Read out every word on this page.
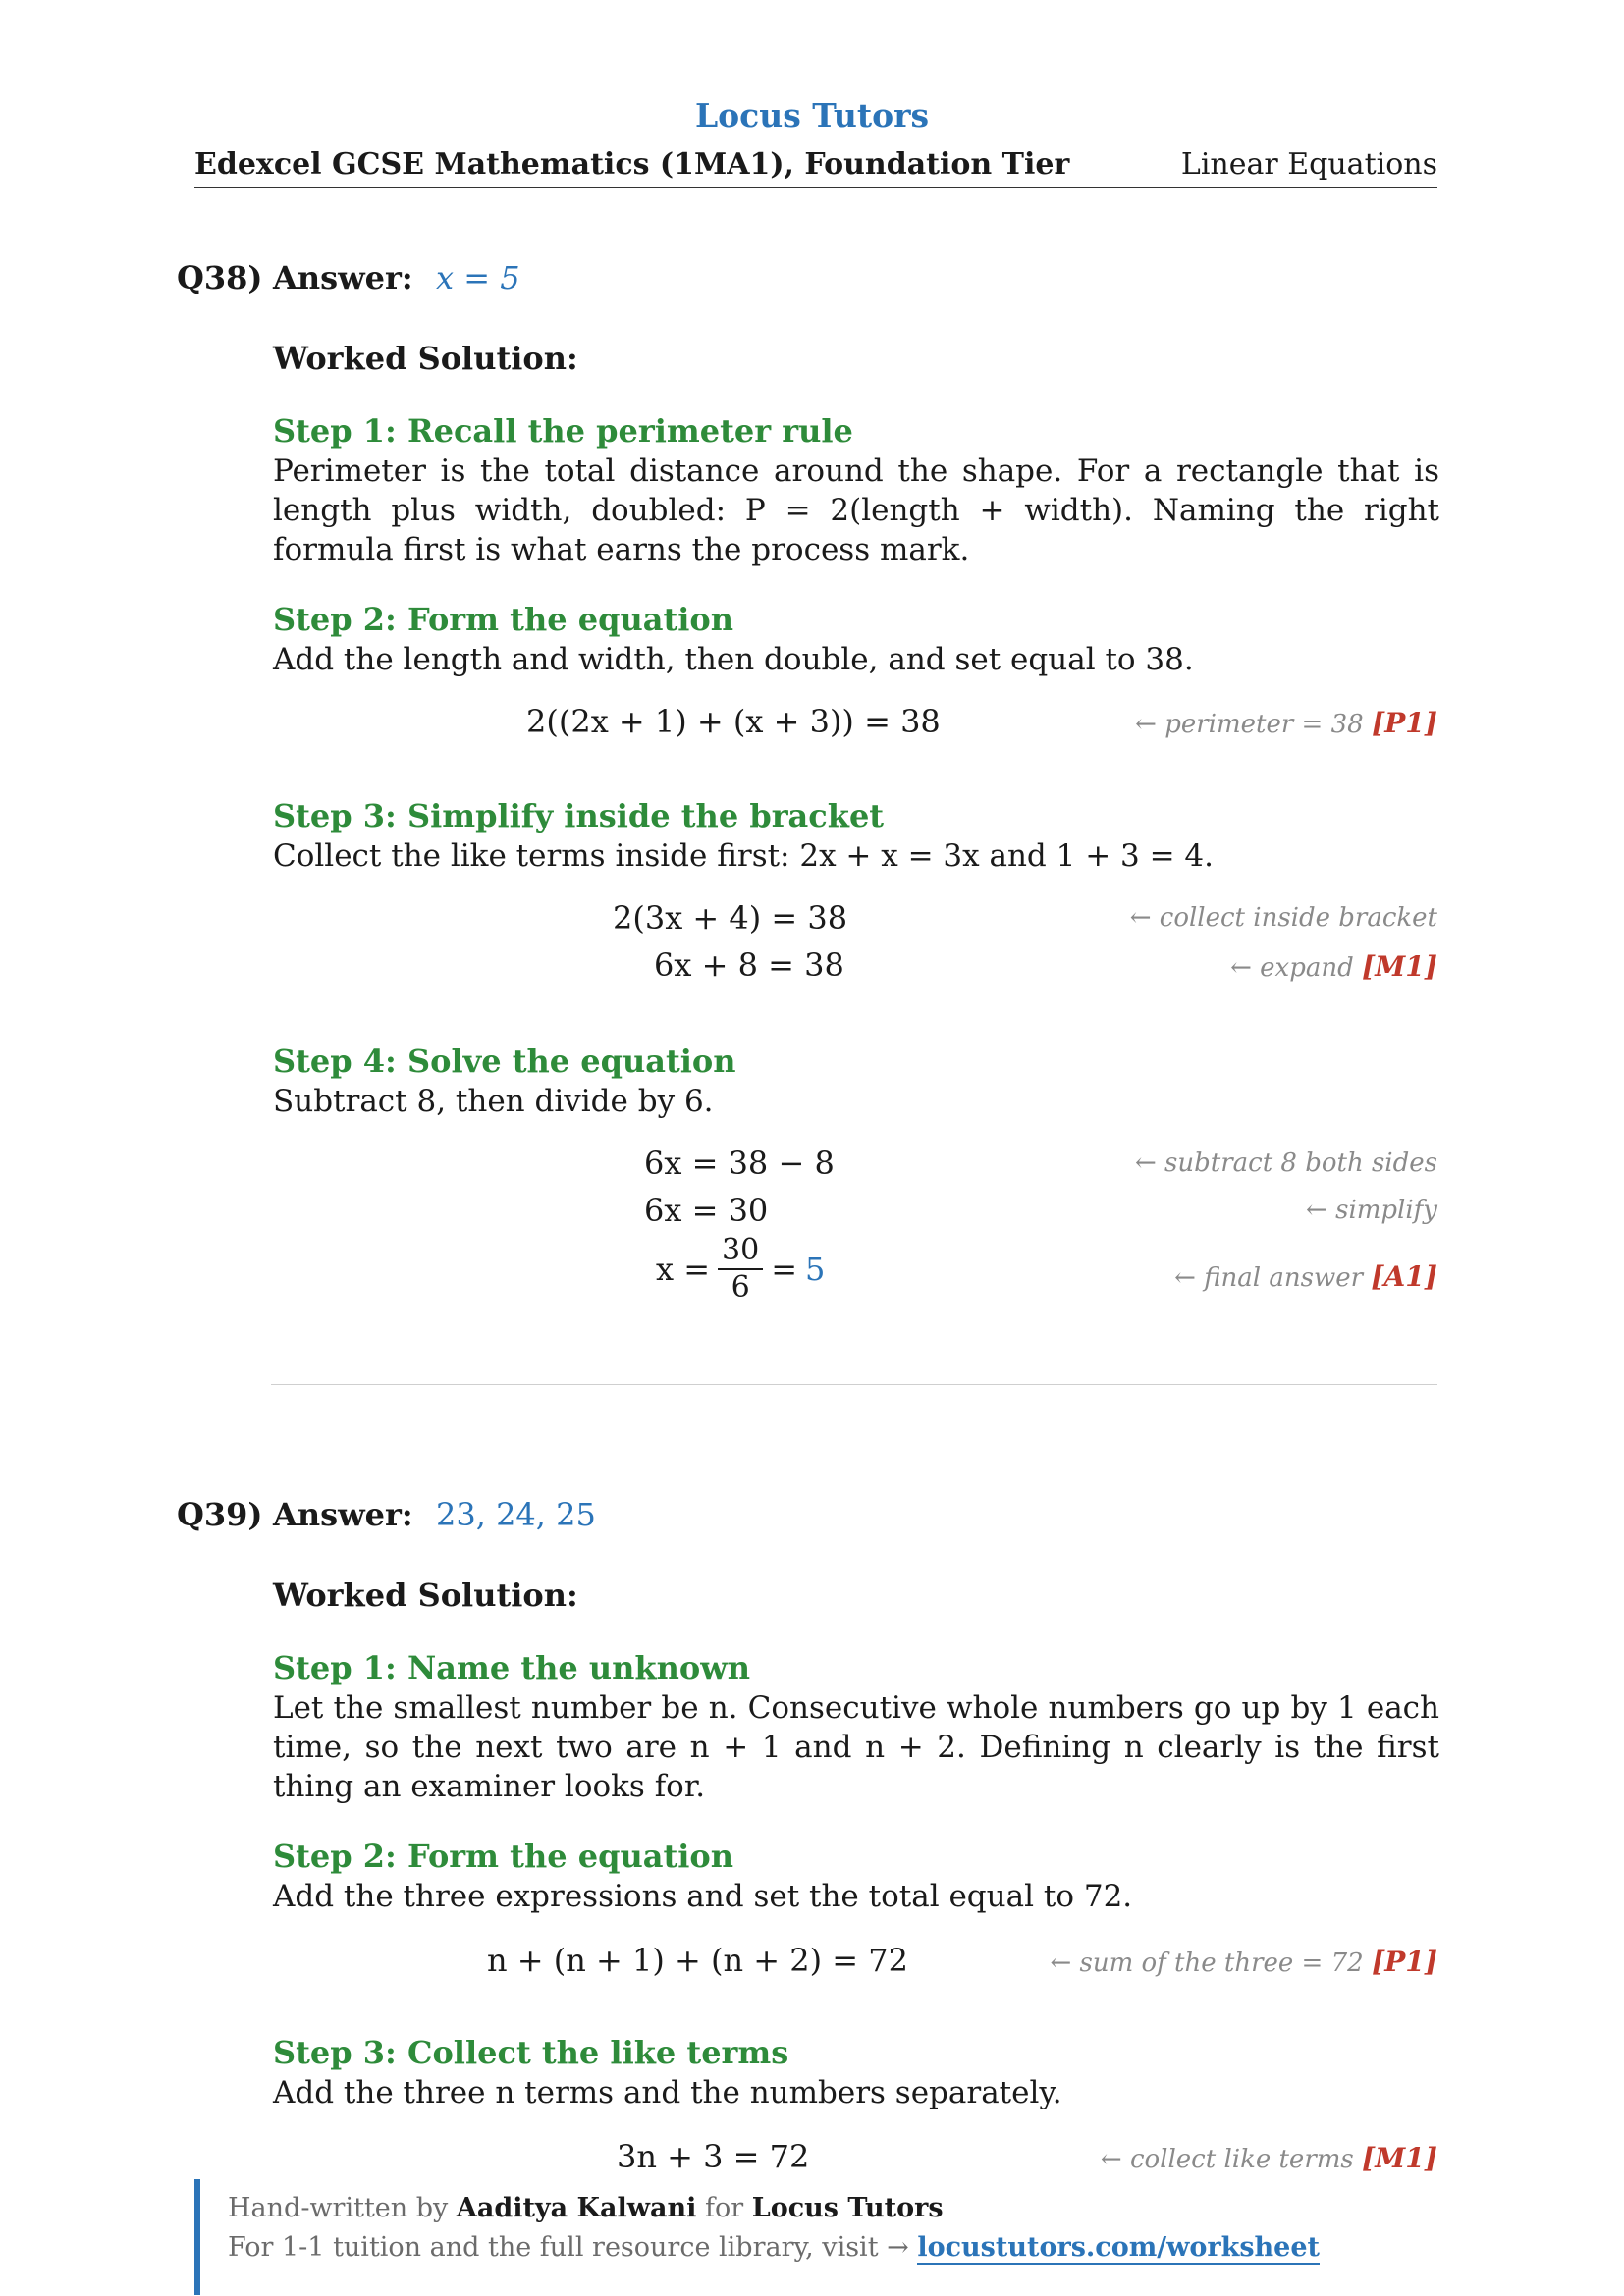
Locus Tutors
Edexcel GCSE Mathematics (1MA1), Foundation Tier	Linear Equations
Q38) Answer: x = 5
Worked Solution:
Step 1: Recall the perimeter rule
Perimeter is the total distance around the shape. For a rectangle that is length plus width, doubled: P = 2(length + width). Naming the right formula first is what earns the process mark.
Step 2: Form the equation
Add the length and width, then double, and set equal to 38.
2((2x + 1) + (x + 3)) = 38	← perimeter = 38 [P1]
Step 3: Simplify inside the bracket
Collect the like terms inside first: 2x + x = 3x and 1 + 3 = 4.
2(3x + 4) = 38	← collect inside bracket
6x + 8 = 38	← expand [M1]
Step 4: Solve the equation
Subtract 8, then divide by 6.
6x = 38 − 8	← subtract 8 both sides
6x = 30	← simplify
$x = \frac{30}{6} = 5$	← final answer [A1]
Q39) Answer: 23, 24, 25
Worked Solution:
Step 1: Name the unknown
Let the smallest number be n. Consecutive whole numbers go up by 1 each time, so the next two are n + 1 and n + 2. Defining n clearly is the first thing an examiner looks for.
Step 2: Form the equation
Add the three expressions and set the total equal to 72.
n + (n + 1) + (n + 2) = 72	← sum of the three = 72 [P1]
Step 3: Collect the like terms
Add the three n terms and the numbers separately.
3n + 3 = 72	← collect like terms [M1]
Hand-written by Aaditya Kalwani for Locus Tutors
For 1-1 tuition and the full resource library, visit → locustutors.com/worksheet
